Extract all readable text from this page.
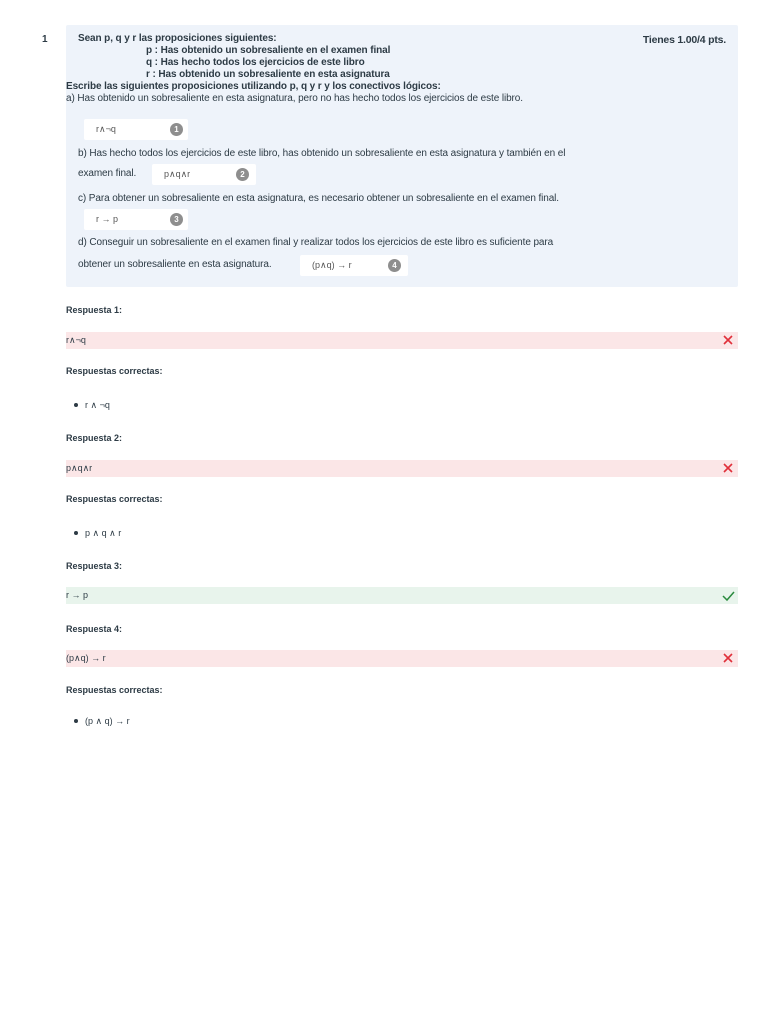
1	Tienes 1.00/4 pts.
Sean p, q y r las proposiciones siguientes:
p : Has obtenido un sobresaliente en el examen final
q : Has hecho todos los ejercicios de este libro
r : Has obtenido un sobresaliente en esta asignatura
Escribe las siguientes proposiciones utilizando p, q y r y los conectivos lógicos:
a) Has obtenido un sobresaliente en esta asignatura, pero no has hecho todos los ejercicios de este libro.
r∧¬q	1
b) Has hecho todos los ejercicios de este libro, has obtenido un sobresaliente en esta asignatura y también en el
examen final.	p∧q∧r	2
c) Para obtener un sobresaliente en esta asignatura, es necesario obtener un sobresaliente en el examen final.
r → p	3
d) Conseguir un sobresaliente en el examen final y realizar todos los ejercicios de este libro es suficiente para
obtener un sobresaliente en esta asignatura.	(p∧q) → r	4
Respuesta 1:
r∧¬q
Respuestas correctas:
r ∧ ¬q
Respuesta 2:
p∧q∧r
Respuestas correctas:
p ∧ q ∧ r
Respuesta 3:
r → p
Respuesta 4:
(p∧q) → r
Respuestas correctas:
(p ∧ q) → r
